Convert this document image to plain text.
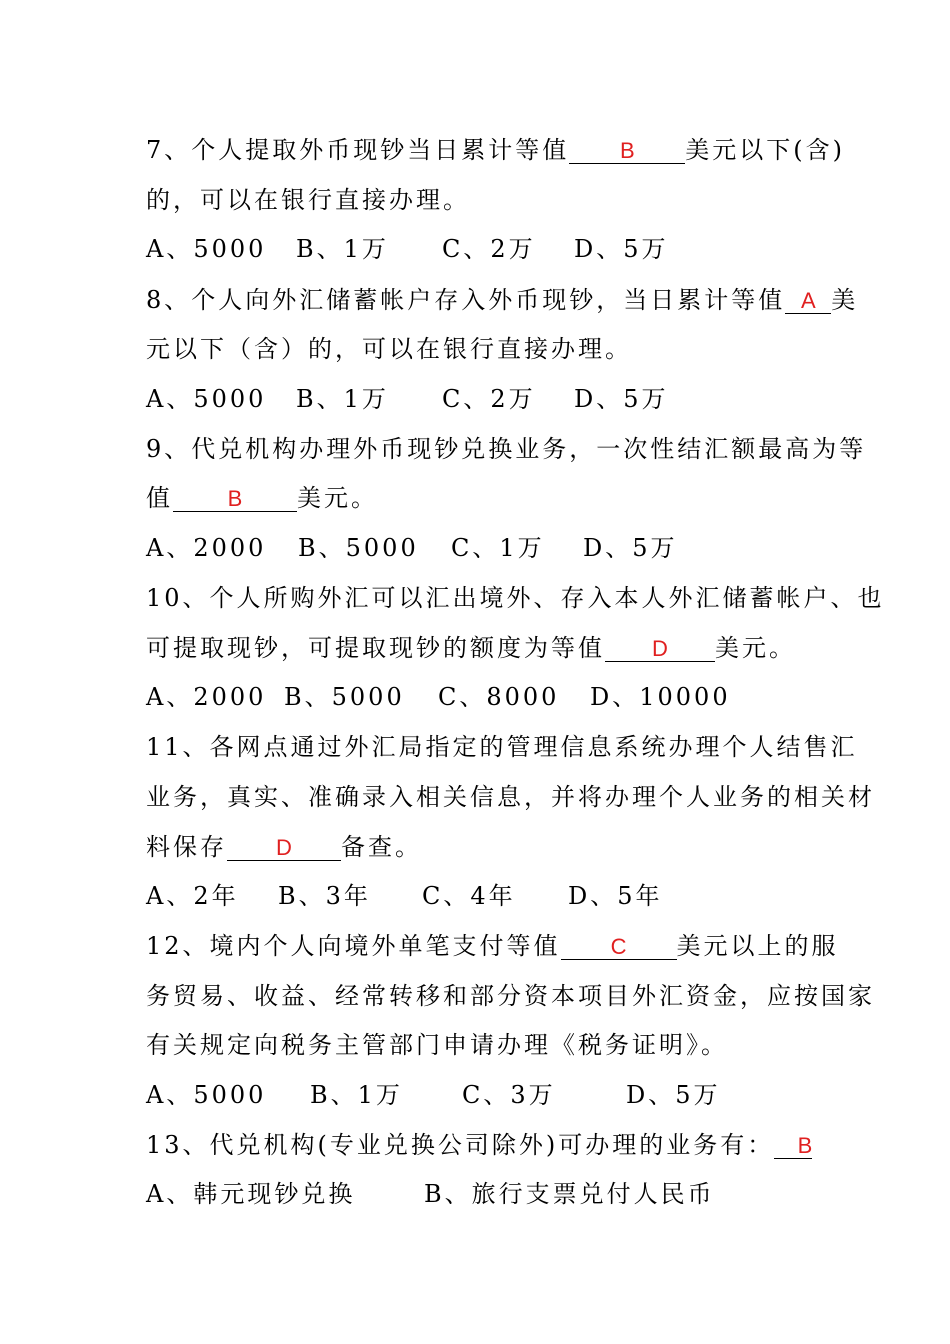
7、个人提取外币现钞当日累计等值 B 美元以下(含)
的，可以在银行直接办理。
A、5000 B、1万 C、2万 D、5万
8、个人向外汇储蓄帐户存入外币现钞，当日累计等值 A 美
元以下（含）的，可以在银行直接办理。
A、5000 B、1万 C、2万 D、5万
9、代兑机构办理外币现钞兑换业务，一次性结汇额最高为等
值 B 美元。
A、2000 B、5000 C、1万 D、5万
10、个人所购外汇可以汇出境外、存入本人外汇储蓄帐户、也
可提取现钞，可提取现钞的额度为等值 D 美元。
A、2000 B、5000 C、8000 D、10000
11、各网点通过外汇局指定的管理信息系统办理个人结售汇
业务，真实、准确录入相关信息，并将办理个人业务的相关材
料保存 D 备查。
A、2年 B、3年 C、4年 D、5年
12、境内个人向境外单笔支付等值 C 美元以上的服
务贸易、收益、经常转移和部分资本项目外汇资金，应按国家
有关规定向税务主管部门申请办理《税务证明》。
A、5000 B、1万 C、3万	D、5万
13、代兑机构(专业兑换公司除外)可办理的业务有： B
A、韩元现钞兑换	B、旅行支票兑付人民币
